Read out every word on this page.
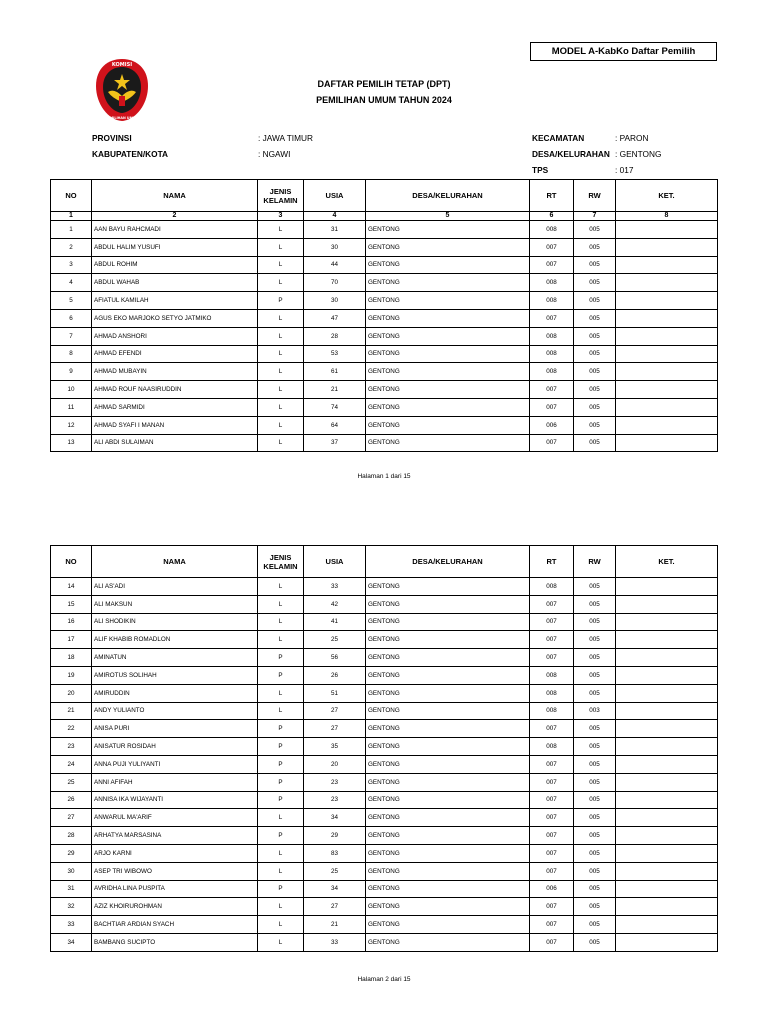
MODEL A-KabKo Daftar Pemilih
KOMISI
PEMILIHAN UMUM
DAFTAR PEMILIH TETAP (DPT)
PEMILIHAN UMUM TAHUN 2024
PROVINSI	: JAWA TIMUR
KABUPATEN/KOTA	: NGAWI
KECAMATAN	: PARON
DESA/KELURAHAN : GENTONG
TPS	: 017
NO	NAMA	JENIS
KELAMIN	USIA	DESA/KELURAHAN	RT	RW	KET.
1	2	3	4	5	6	7	8
1	AAN BAYU RAHCMADI	L	31	GENTONG	008	005	
2	ABDUL HALIM YUSUFI	L	30	GENTONG	007	005	
3	ABDUL ROHIM	L	44	GENTONG	007	005	
4	ABDUL WAHAB	L	70	GENTONG	008	005	
5	AFIATUL KAMILAH	P	30	GENTONG	008	005	
6	AGUS EKO MARJOKO SETYO JATMIKO	L	47	GENTONG	007	005	
7	AHMAD ANSHORI	L	28	GENTONG	008	005	
8	AHMAD EFENDI	L	53	GENTONG	008	005	
9	AHMAD MUBAYIN	L	61	GENTONG	008	005	
10	AHMAD ROUF NAASIRUDDIN	L	21	GENTONG	007	005	
11	AHMAD SARMIDI	L	74	GENTONG	007	005	
12	AHMAD SYAFI I MANAN	L	64	GENTONG	006	005	
13	ALI ABDI SULAIMAN	L	37	GENTONG	007	005	
Halaman 1 dari 15
NO	NAMA	JENIS
KELAMIN	USIA	DESA/KELURAHAN	RT	RW	KET.
14	ALI AS'ADI	L	33	GENTONG	008	005	
15	ALI MAKSUN	L	42	GENTONG	007	005	
16	ALI SHODIKIN	L	41	GENTONG	007	005	
17	ALIF KHABIB ROMADLON	L	25	GENTONG	007	005	
18	AMINATUN	P	56	GENTONG	007	005	
19	AMIROTUS SOLIHAH	P	26	GENTONG	008	005	
20	AMIRUDDIN	L	51	GENTONG	008	005	
21	ANDY YULIANTO	L	27	GENTONG	008	003	
22	ANISA PURI	P	27	GENTONG	007	005	
23	ANISATUR ROSIDAH	P	35	GENTONG	008	005	
24	ANNA PUJI YULIYANTI	P	20	GENTONG	007	005	
25	ANNI AFIFAH	P	23	GENTONG	007	005	
26	ANNISA IKA WIJAYANTI	P	23	GENTONG	007	005	
27	ANWARUL MA'ARIF	L	34	GENTONG	007	005	
28	ARHATYA MARSASINA	P	29	GENTONG	007	005	
29	ARJO KARNI	L	83	GENTONG	007	005	
30	ASEP TRI WIBOWO	L	25	GENTONG	007	005	
31	AVRIDHA LINA PUSPITA	P	34	GENTONG	006	005	
32	AZIZ KHOIRUROHMAN	L	27	GENTONG	007	005	
33	BACHTIAR ARDIAN SYACH	L	21	GENTONG	007	005	
34	BAMBANG SUCIPTO	L	33	GENTONG	007	005	
Halaman 2 dari 15
